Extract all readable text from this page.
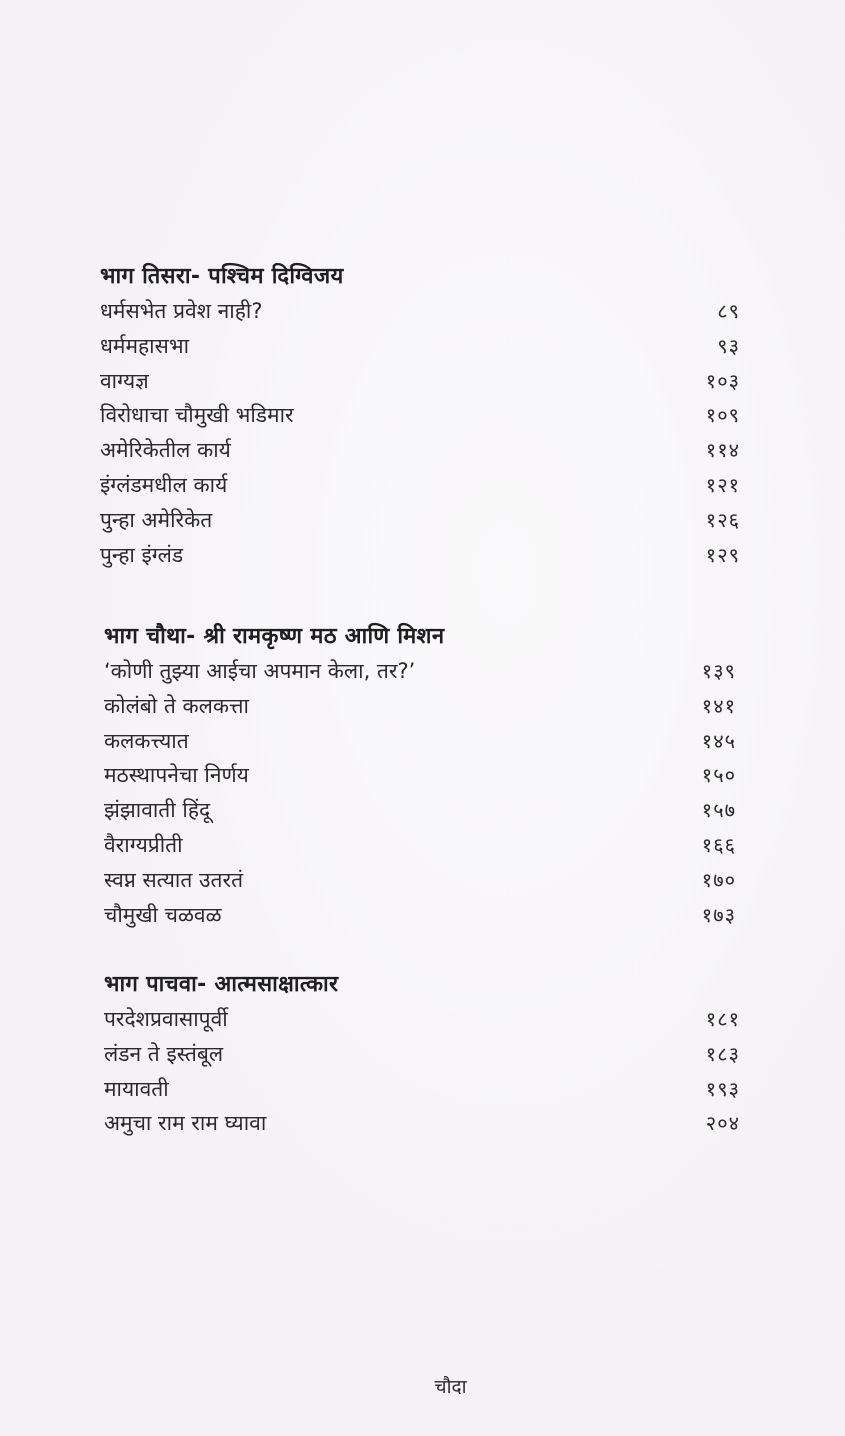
भाग तिसरा- पश्चिम दिग्विजय
धर्मसभेत प्रवेश नाही?	८९
धर्ममहासभा	९३
वाग्यज्ञ	१०३
विरोधाचा चौमुखी भडिमार	१०९
अमेरिकेतील कार्य	११४
इंग्लंडमधील कार्य	१२१
पुन्हा अमेरिकेत	१२६
पुन्हा इंग्लंड	१२९
भाग चौथा- श्री रामकृष्ण मठ आणि मिशन
‘कोणी तुझ्या आईचा अपमान केला, तर?’	१३९
कोलंबो ते कलकत्ता	१४१
कलकत्त्यात	१४५
मठस्थापनेचा निर्णय	१५०
झंझावाती हिंदू	१५७
वैराग्यप्रीती	१६६
स्वप्न सत्यात उतरतं	१७०
चौमुखी चळवळ	१७३
भाग पाचवा- आत्मसाक्षात्कार
परदेशप्रवासापूर्वी	१८१
लंडन ते इस्तंबूल	१८३
मायावती	१९३
अमुचा राम राम घ्यावा	२०४
चौदा
